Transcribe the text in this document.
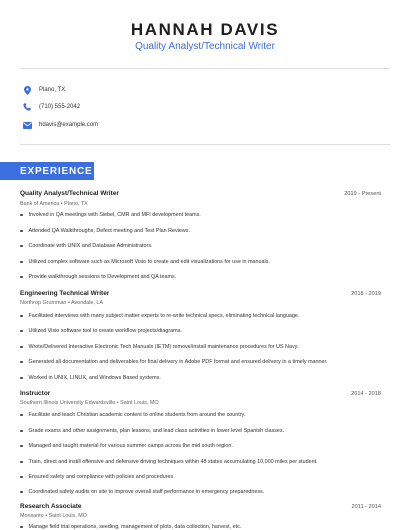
HANNAH DAVIS
Quality Analyst/Technical Writer
Plano, TX
(710) 555-2042
hdavis@example.com
EXPERIENCE
Quality Analyst/Technical Writer	2019 - Present
Bank of America • Plano, TX
Involved in QA meetings with Siebel, CMR and MFI development teams.
Attended QA Walkthroughs, Defect meeting and Test Plan Reviews.
Coordinate with UNIX and Database Administrators.
Utilized complex software such as Microsoft Visio to create and edit visualizations for use in manuals.
Provide walkthrough sessions to Development and QA teams.
Engineering Technical Writer	2018 - 2019
Northrop Grumman • Avondale, LA
Facilitated interviews with many subject matter experts to re-write technical specs, eliminating technical language.
Utilized Visio software tool to create workflow projects/diagrams.
Wrote/Delivered Interactive Electronic Tech Manuals (IETM) remove/install maintenance procedures for US Navy.
Generated all documentation and deliverables for final delivery in Adobe PDF format and ensured delivery in a timely manner.
Worked in UNIX, LINUX, and Windows Based systems.
Instructor	2014 - 2018
Southern Illinois University Edwardsville • Saint Louis, MO
Facilitate and teach Christian academic content to online students from around the country.
Grade exams and other assignments, plan lessons, and lead class activities in lower level Spanish classes.
Managed and taught material for various summer camps across the mid south region.
Train, direct and instill offensive and defensive driving techniques within 48 states accumulating 10,000 miles per student.
Ensured safety and compliance with policies and procedures.
Coordinated safety audits on site to improve overall staff performance in emergency preparedness.
Research Associate	2011 - 2014
Monsanto • Saint Louis, MO
Manage field trial operations, seeding, management of plots, data collection, harvest, etc.
